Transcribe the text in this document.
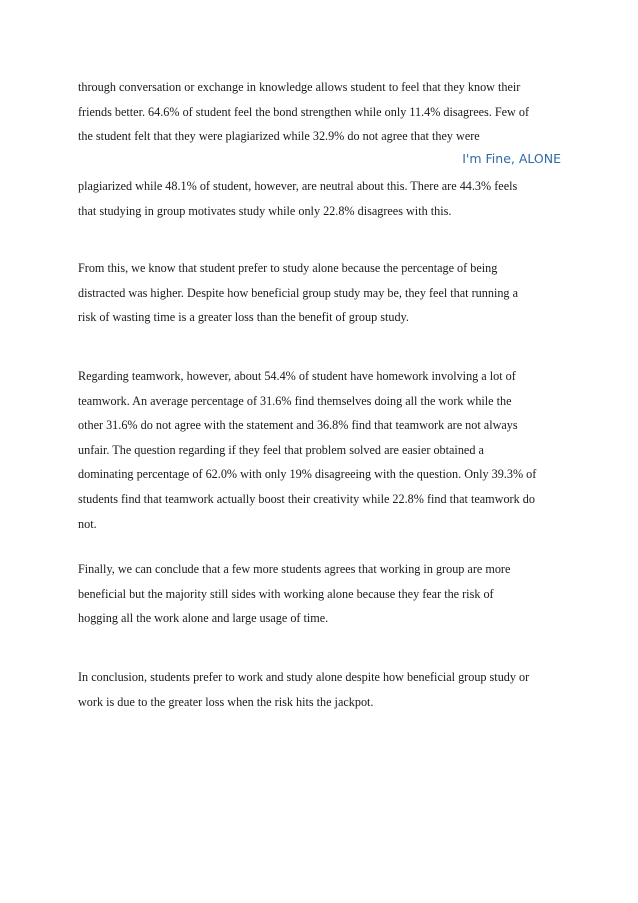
through conversation or exchange in knowledge allows student to feel that they know their
friends better. 64.6% of student feel the bond strengthen while only 11.4% disagrees. Few of
the student felt that they were plagiarized while 32.9% do not agree that they were
I'm Fine, ALONE
plagiarized while 48.1% of student, however, are neutral about this. There are 44.3% feels
that studying in group motivates study while only 22.8% disagrees with this.
From this, we know that student prefer to study alone because the percentage of being
distracted was higher. Despite how beneficial group study may be, they feel that running a
risk of wasting time is a greater loss than the benefit of group study.
Regarding teamwork, however, about 54.4% of student have homework involving a lot of
teamwork. An average percentage of 31.6% find themselves doing all the work while the
other 31.6% do not agree with the statement and 36.8% find that teamwork are not always
unfair. The question regarding if they feel that problem solved are easier obtained a
dominating percentage of 62.0% with only 19% disagreeing with the question. Only 39.3% of
students find that teamwork actually boost their creativity while 22.8% find that teamwork do
not.
Finally, we can conclude that a few more students agrees that working in group are more
beneficial but the majority still sides with working alone because they fear the risk of
hogging all the work alone and large usage of time.
In conclusion, students prefer to work and study alone despite how beneficial group study or
work is due to the greater loss when the risk hits the jackpot.
